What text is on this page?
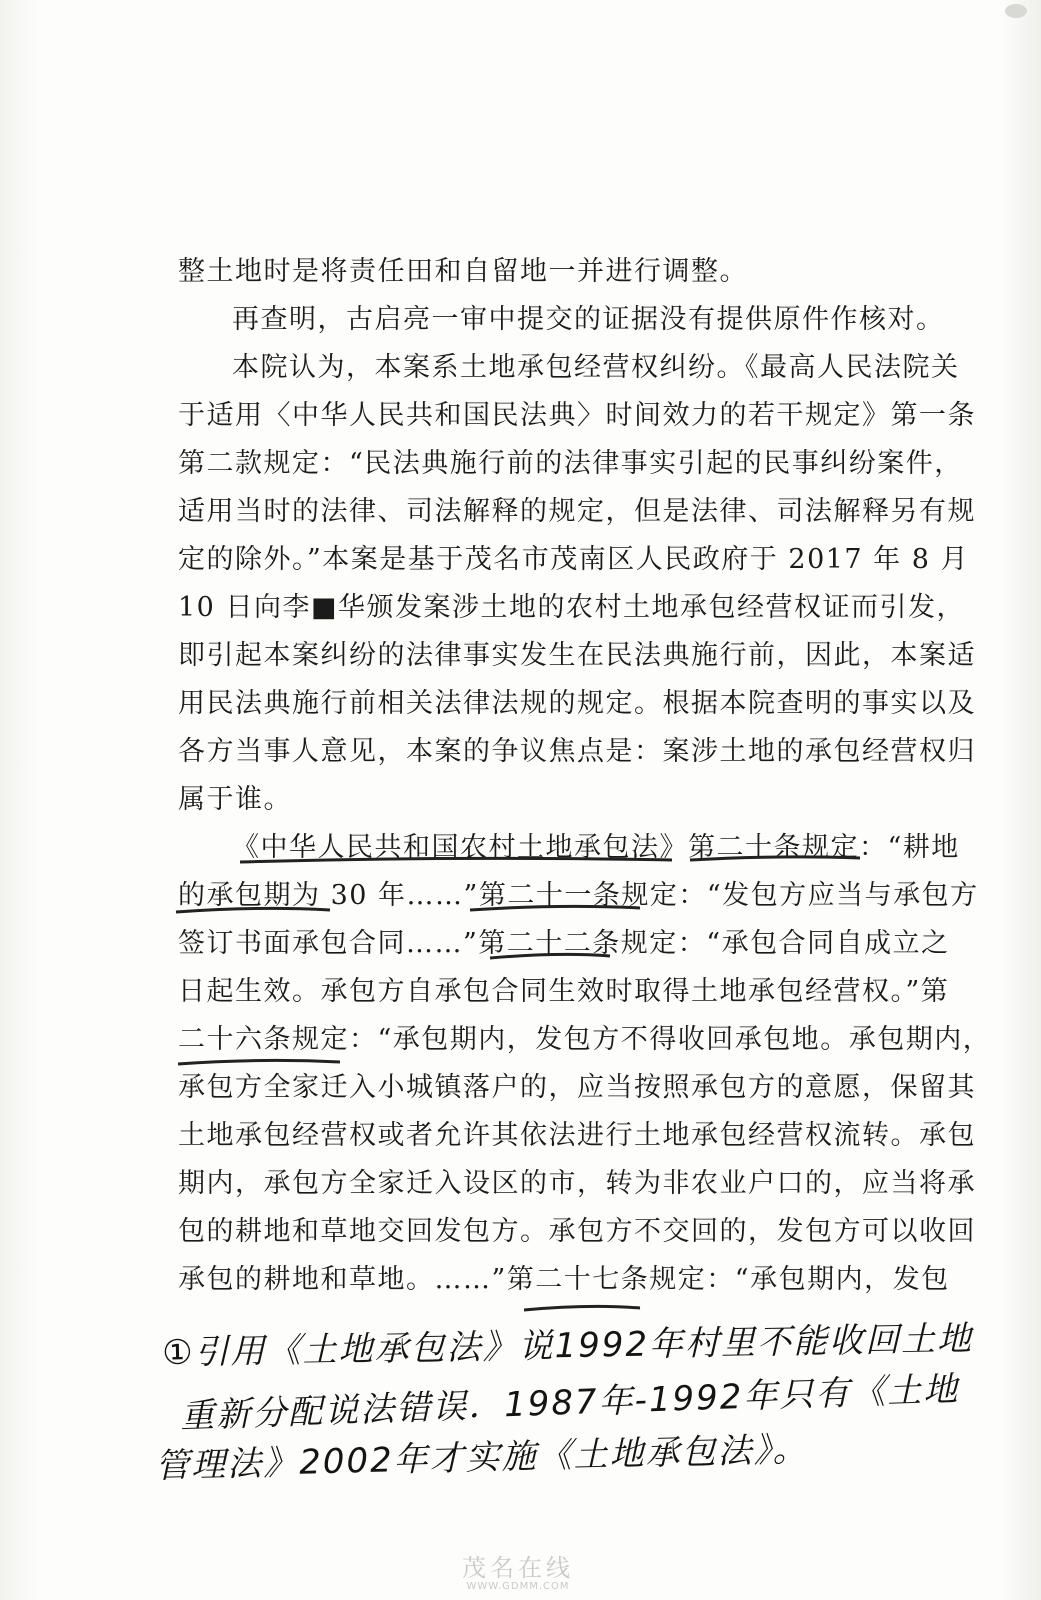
整土地时是将责任田和自留地一并进行调整。
再查明，古启亮一审中提交的证据没有提供原件作核对。
本院认为，本案系土地承包经营权纠纷。《最高人民法院关
于适用〈中华人民共和国民法典〉时间效力的若干规定》第一条
第二款规定：“民法典施行前的法律事实引起的民事纠纷案件，
适用当时的法律、司法解释的规定，但是法律、司法解释另有规
定的除外。”本案是基于茂名市茂南区人民政府于 2017 年 8 月
10 日向李■华颁发案涉土地的农村土地承包经营权证而引发，
即引起本案纠纷的法律事实发生在民法典施行前，因此，本案适
用民法典施行前相关法律法规的规定。根据本院查明的事实以及
各方当事人意见，本案的争议焦点是：案涉土地的承包经营权归
属于谁。
《中华人民共和国农村土地承包法》第二十条规定：“耕地
的承包期为 30 年……”第二十一条规定：“发包方应当与承包方
签订书面承包合同……”第二十二条规定：“承包合同自成立之
日起生效。承包方自承包合同生效时取得土地承包经营权。”第
二十六条规定：“承包期内，发包方不得收回承包地。承包期内，
承包方全家迁入小城镇落户的，应当按照承包方的意愿，保留其
土地承包经营权或者允许其依法进行土地承包经营权流转。承包
期内，承包方全家迁入设区的市，转为非农业户口的，应当将承
包的耕地和草地交回发包方。承包方不交回的，发包方可以收回
承包的耕地和草地。……”第二十七条规定：“承包期内，发包
①引用《土地承包法》说1992年村里不能收回土地
重新分配说法错误．1987年-1992年只有《土地
管理法》2002年才实施《土地承包法》。
茂名在线
WWW.GDMM.COM
